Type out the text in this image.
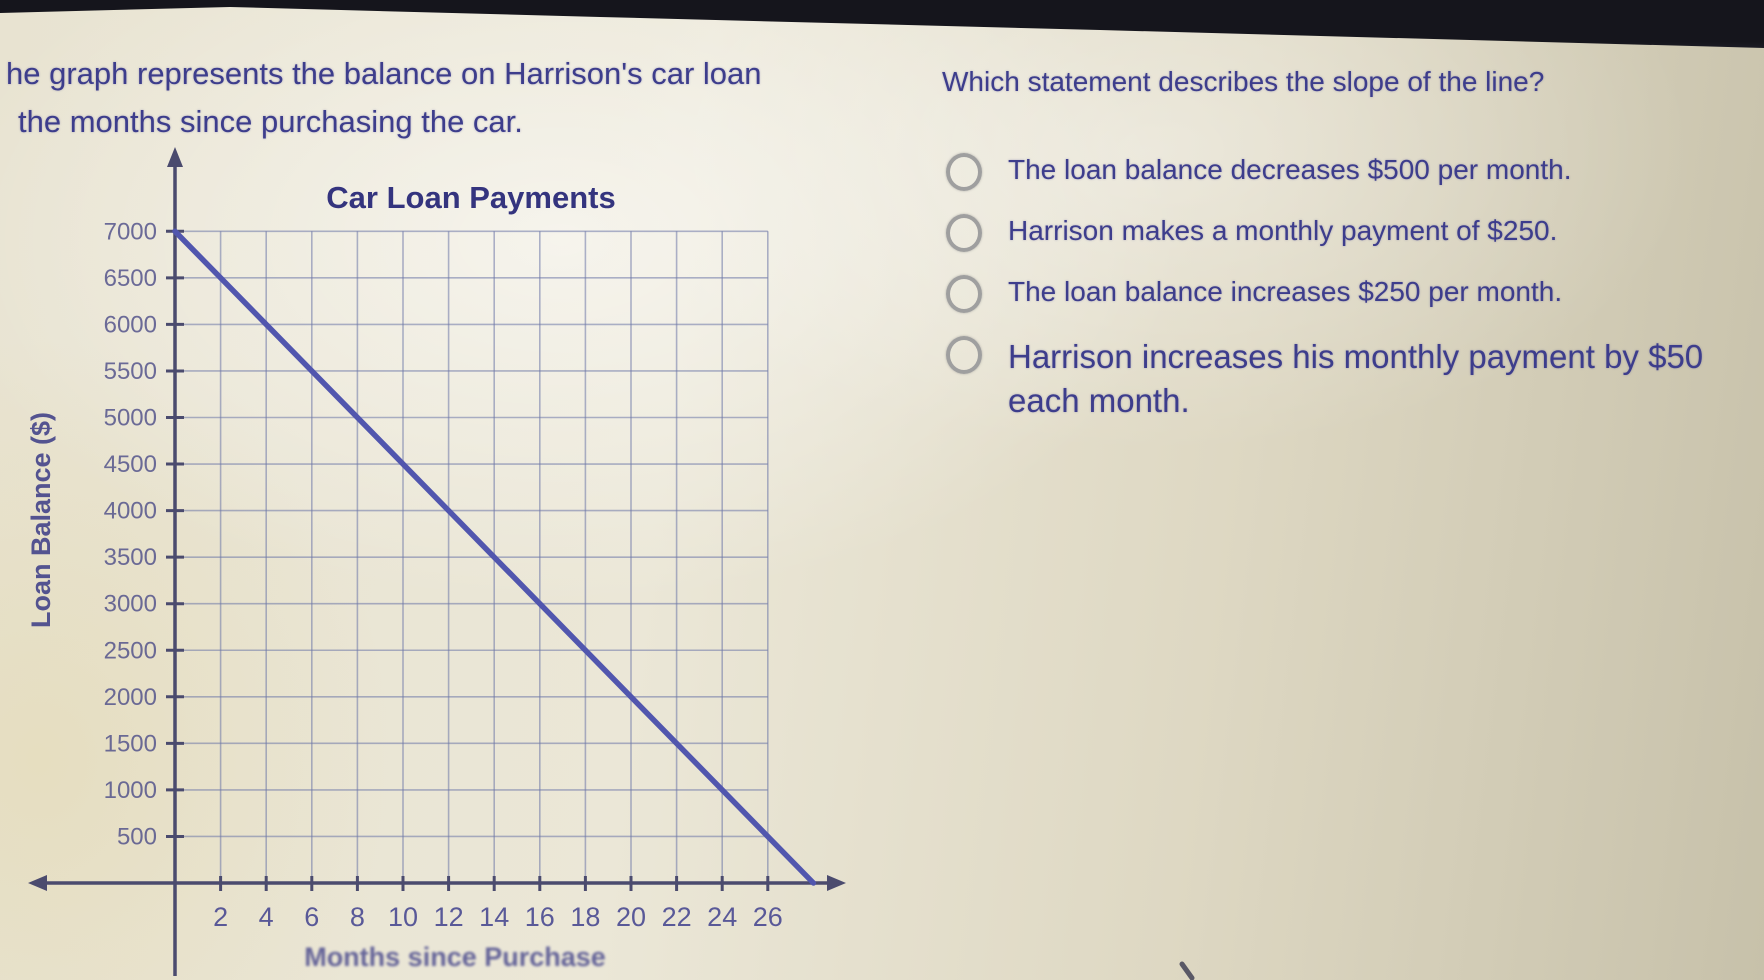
he graph represents the balance on Harrison's car loan
the months since purchasing the car.
Which statement describes the slope of the line?
The loan balance decreases $500 per month.
Harrison makes a monthly payment of $250.
The loan balance increases $250 per month.
Harrison increases his monthly payment by $50 each month.
2 4 6 8 10 12 14 16 18 20 22 24 26
500
1000
1500
2000
2500
3000
3500
4000
4500
5000
5500
6000
6500
7000
Car Loan Payments
Loan Balance ($)
Months since Purchase
